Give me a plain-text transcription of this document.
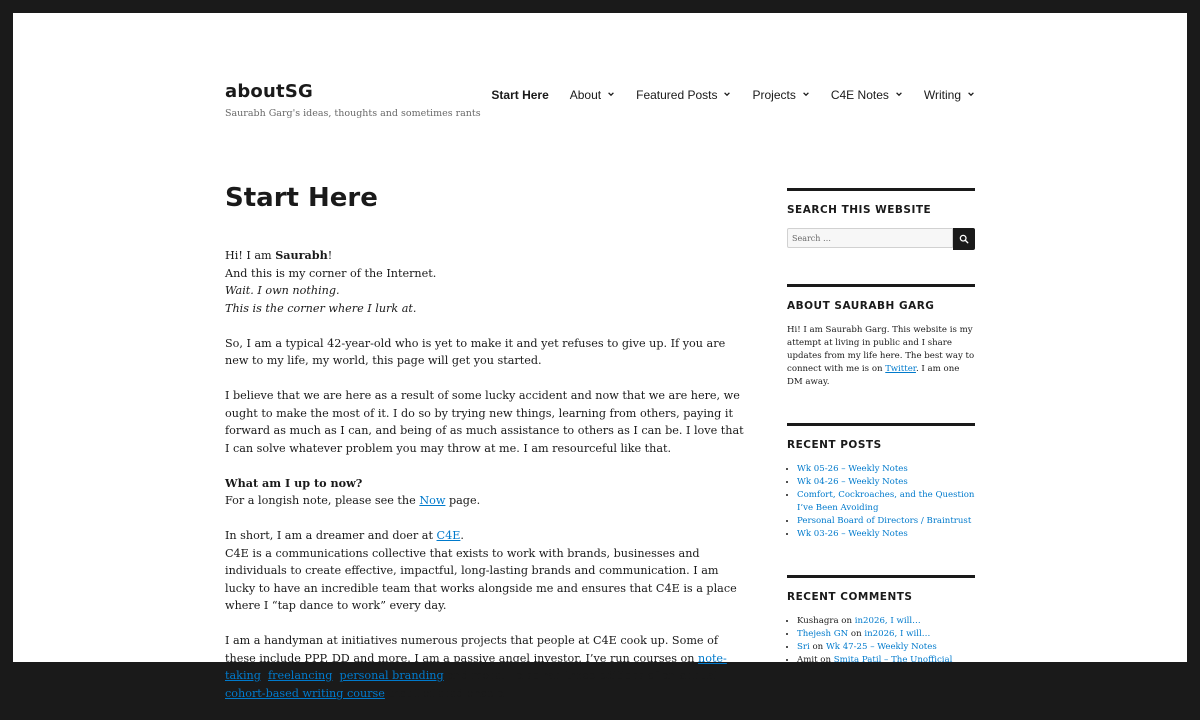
aboutSG
Saurabh Garg's ideas, thoughts and sometimes rants
Start Here About	Featured Posts	Projects	C4E Notes	Writing
Start Here

Hi! I am Saurabh!
And this is my corner of the Internet.
Wait. I own nothing.
This is the corner where I lurk at.

So, I am a typical 42-year-old who is yet to make it and yet refuses to give up. If you are new to my life, my world, this page will get you started.

I believe that we are here as a result of some lucky accident and now that we are here, we ought to make the most of it. I do so by trying new things, learning from others, paying it forward as much as I can, and being of as much assistance to others as I can be. I love that I can solve whatever problem you may throw at me. I am resourceful like that.

What am I up to now?
For a longish note, please see the Now page.

In short, I am a dreamer and doer at C4E.
C4E is a communications collective that exists to work with brands, businesses and individuals to create effective, impactful, long-lasting brands and communication. I am lucky to have an incredible team that works alongside me and ensures that C4E is a place where I “tap dance to work” every day.

I am a handyman at initiatives numerous projects that people at C4E cook up. Some of these include PPP, DD and more. I am a passive angel investor. I’ve run courses on note-taking, freelancing, personal branding and more. I also ran three editions of an annual cohort-based writing course that I offered once a

SEARCH THIS WEBSITE
Search …
ABOUT SAURABH GARG
Hi! I am Saurabh Garg. This website is my attempt at living in public and I share updates from my life here. The best way to connect with me is on Twitter. I am one DM away.
RECENT POSTS
• Wk 05-26 – Weekly Notes
• Wk 04-26 – Weekly Notes
• Comfort, Cockroaches, and the Question I’ve Been Avoiding
• Personal Board of Directors / Braintrust
• Wk 03-26 – Weekly Notes
RECENT COMMENTS
• Kushagra on in2026, I will…
• Thejesh GN on in2026, I will…
• Sri on Wk 47-25 – Weekly Notes
• Amit on Smita Patil – The Unofficial
